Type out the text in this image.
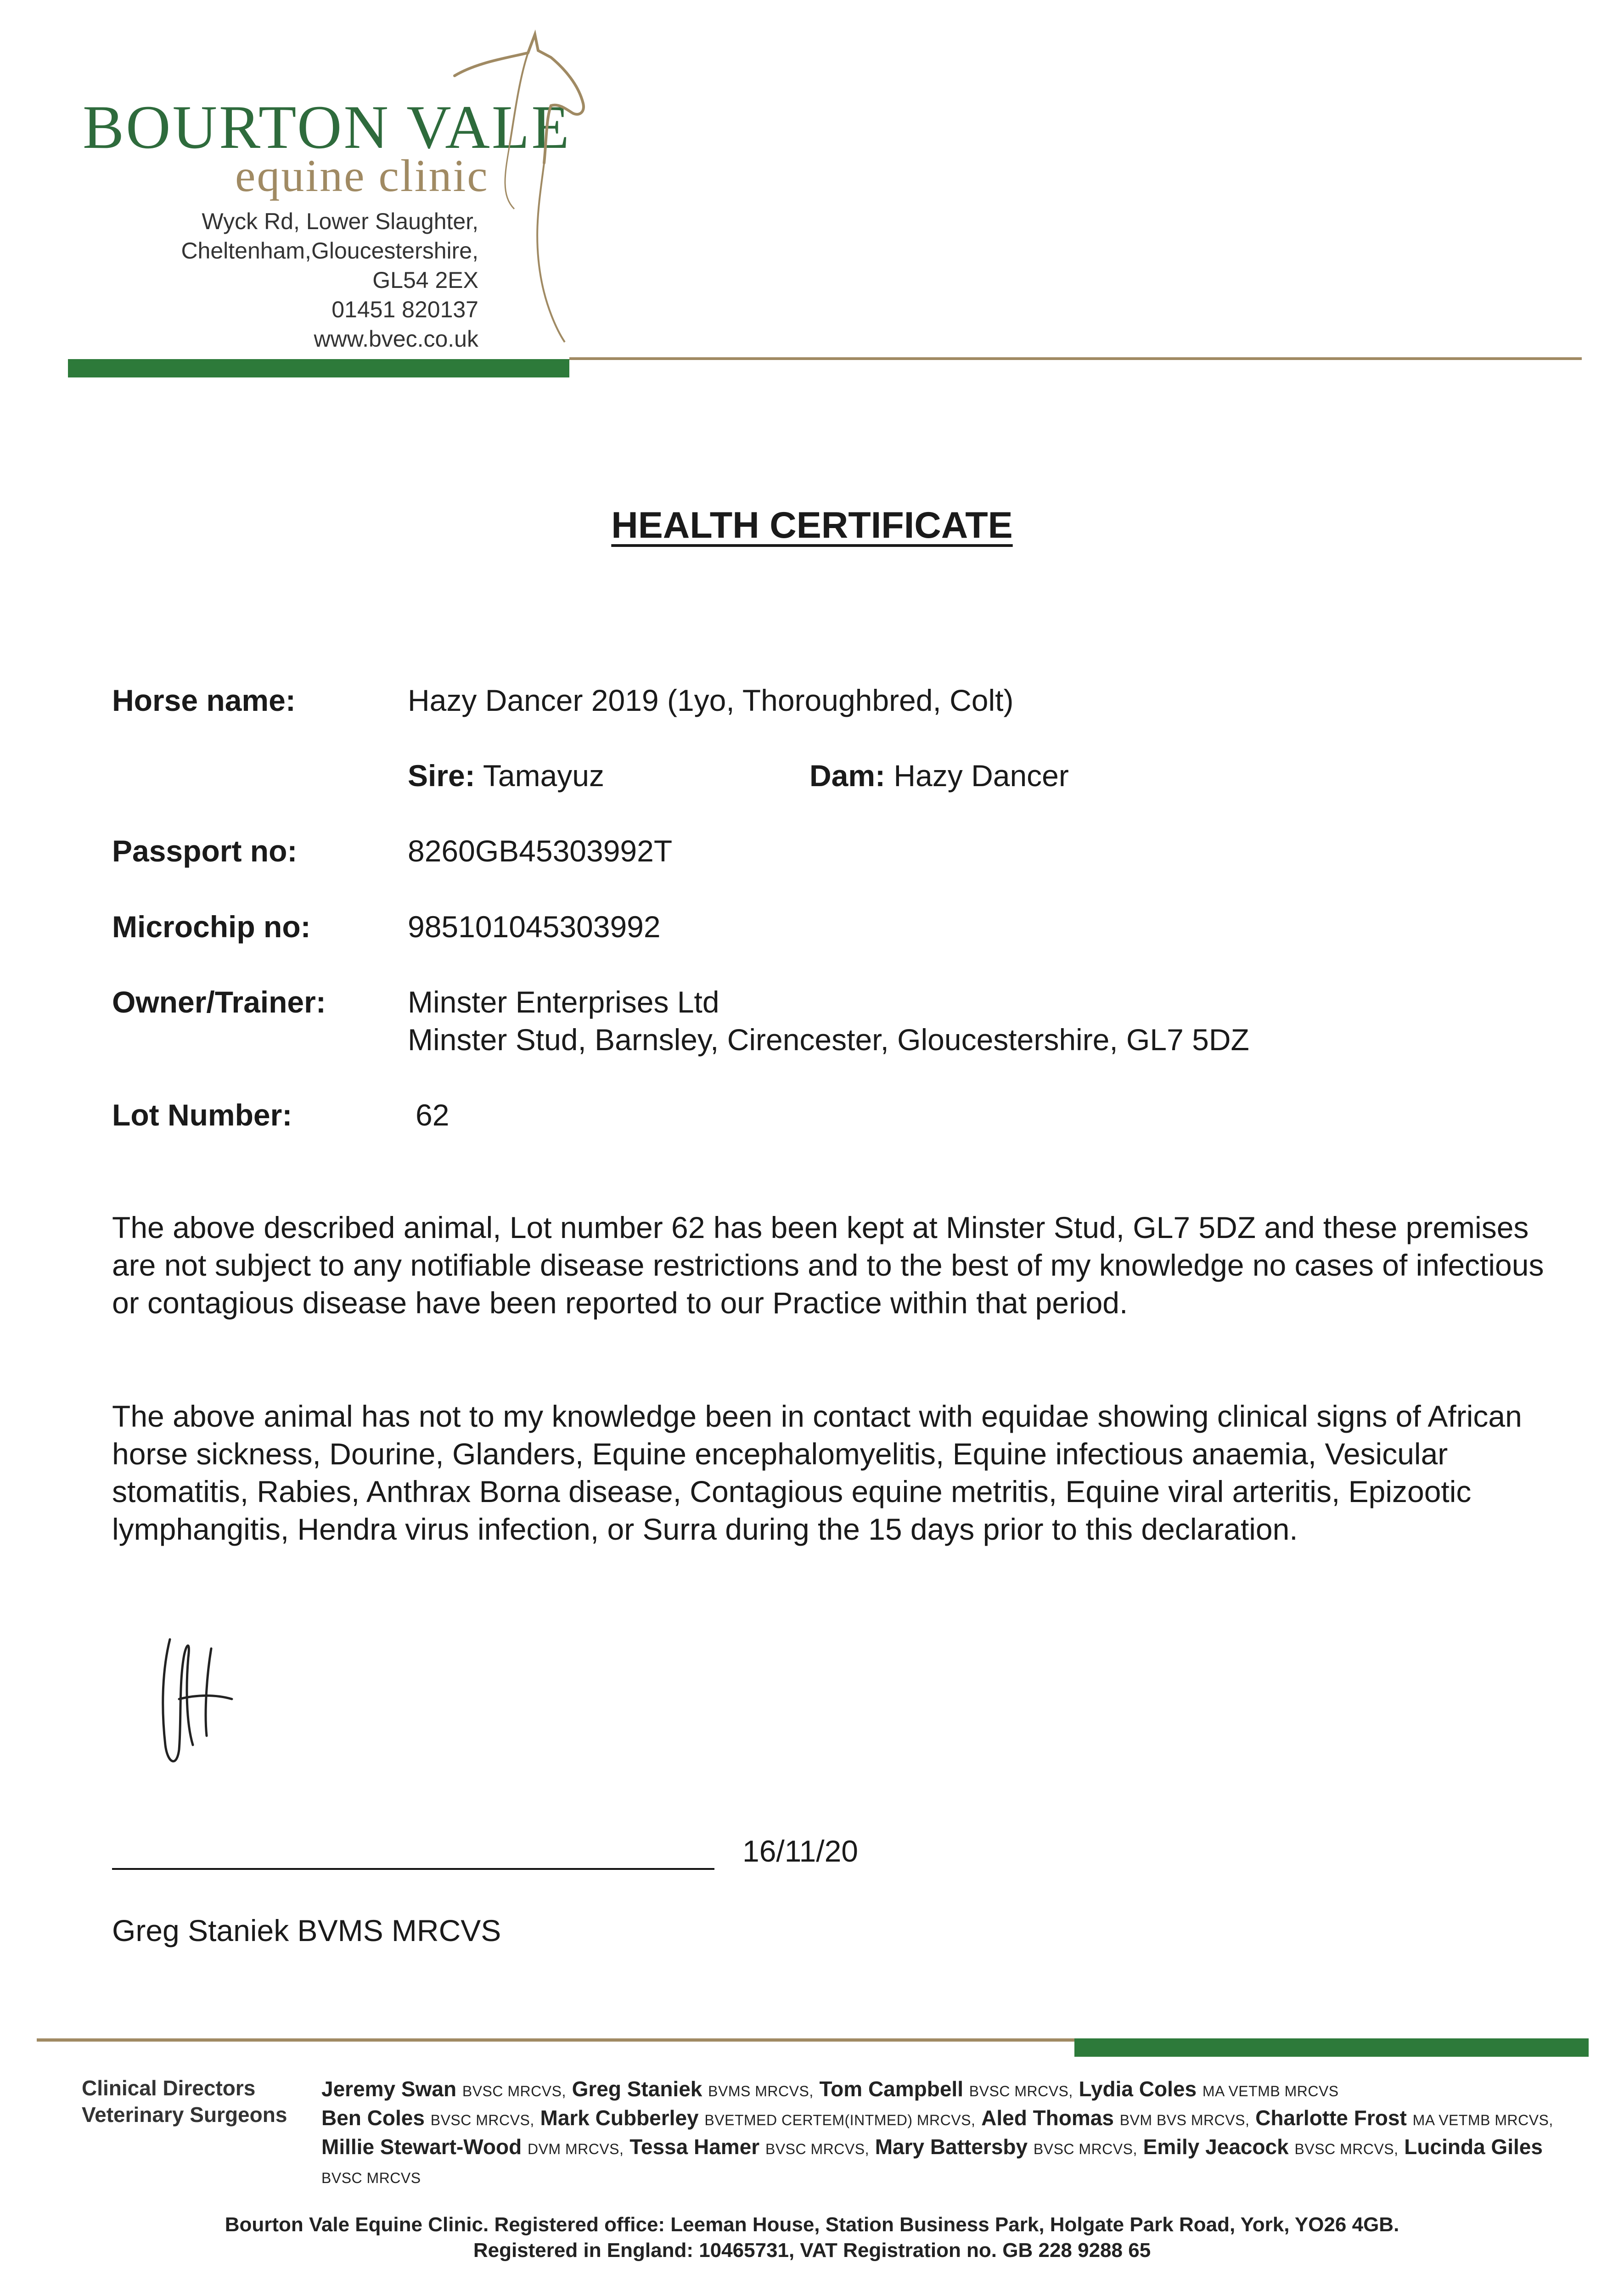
BOURTON VALE
equine clinic
Wyck Rd, Lower Slaughter,
Cheltenham,Gloucestershire,
GL54 2EX
01451 820137
www.bvec.co.uk
HEALTH CERTIFICATE
Horse name:	Hazy Dancer 2019 (1yo, Thoroughbred, Colt)
Sire: Tamayuz	Dam: Hazy Dancer
Passport no:	8260GB45303992T
Microchip no:	985101045303992
Owner/Trainer:	Minster Enterprises Ltd
Minster Stud, Barnsley, Cirencester, Gloucestershire, GL7 5DZ
Lot Number:	62
The above described animal, Lot number 62 has been kept at Minster Stud, GL7 5DZ and these premises are not subject to any notifiable disease restrictions and to the best of my knowledge no cases of infectious or contagious disease have been reported to our Practice within that period.
The above animal has not to my knowledge been in contact with equidae showing clinical signs of African horse sickness, Dourine, Glanders, Equine encephalomyelitis, Equine infectious anaemia, Vesicular stomatitis, Rabies, Anthrax Borna disease, Contagious equine metritis, Equine viral arteritis, Epizootic lymphangitis, Hendra virus infection, or Surra during the 15 days prior to this declaration.
16/11/20
Greg Staniek BVMS MRCVS
Clinical Directors
Veterinary Surgeons
Jeremy Swan BVSC MRCVS, Greg Staniek BVMS MRCVS, Tom Campbell BVSC MRCVS, Lydia Coles MA VETMB MRCVS
Ben Coles BVSC MRCVS, Mark Cubberley BVETMED CERTEM(INTMED) MRCVS, Aled Thomas BVM BVS MRCVS, Charlotte Frost MA VETMB MRCVS, Millie Stewart-Wood DVM MRCVS, Tessa Hamer BVSC MRCVS, Mary Battersby BVSC MRCVS, Emily Jeacock BVSC MRCVS, Lucinda Giles BVSC MRCVS
Bourton Vale Equine Clinic. Registered office: Leeman House, Station Business Park, Holgate Park Road, York, YO26 4GB.
Registered in England: 10465731, VAT Registration no. GB 228 9288 65
